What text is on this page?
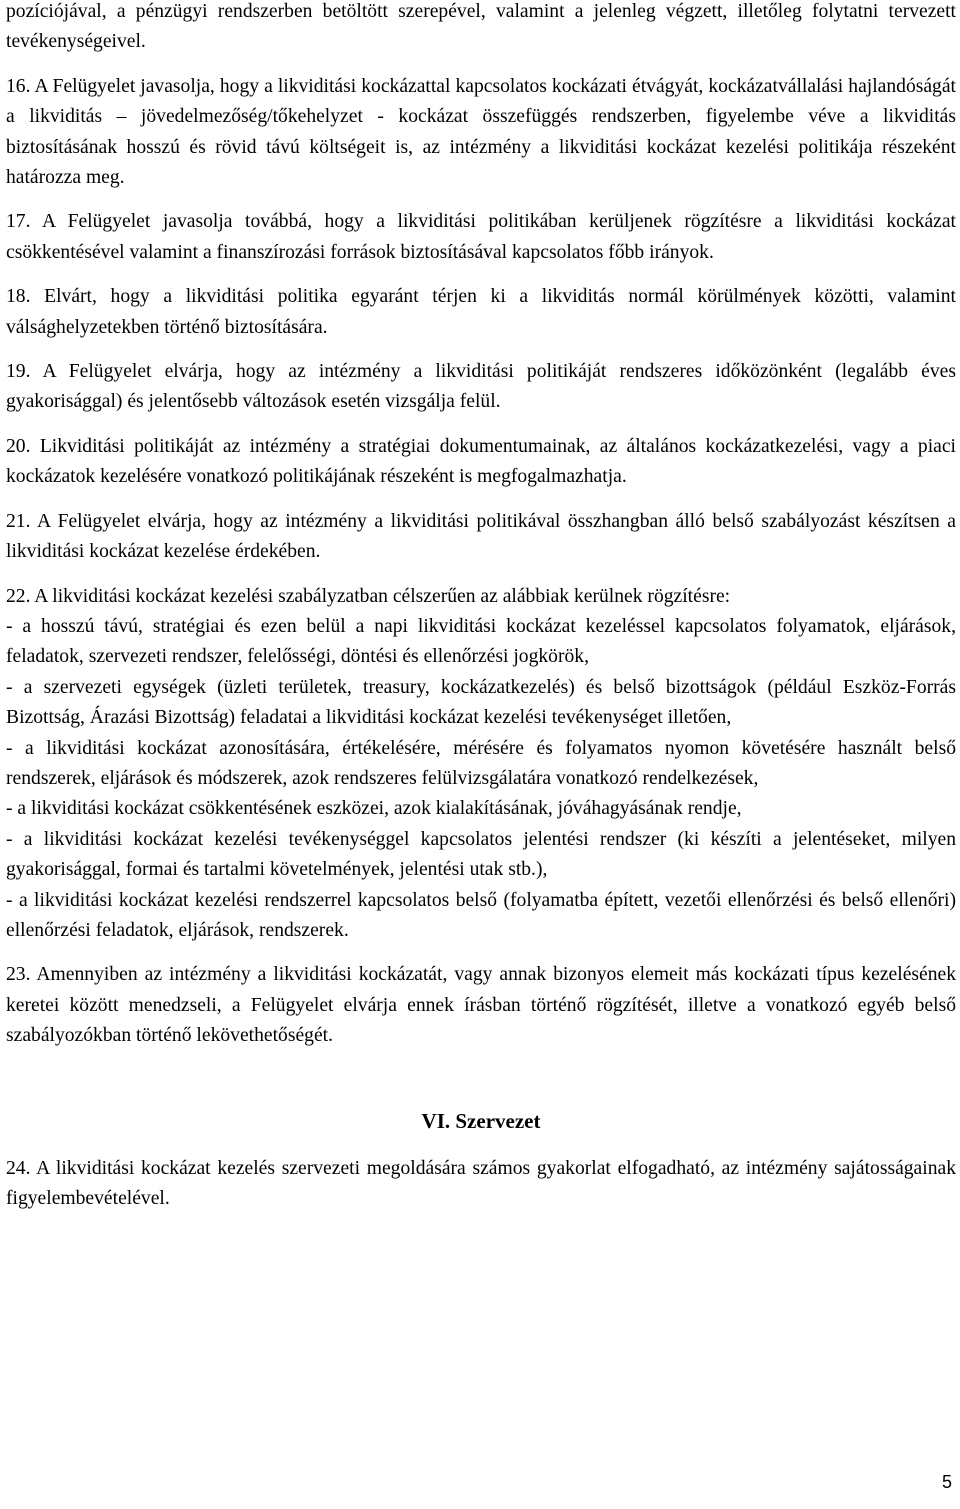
pozíciójával, a pénzügyi rendszerben betöltött szerepével, valamint a jelenleg végzett, illetőleg folytatni tervezett tevékenységeivel.

16. A Felügyelet javasolja, hogy a likviditási kockázattal kapcsolatos kockázati étvágyát, kockázatvállalási hajlandóságát a likviditás – jövedelmezőség/tőkehelyzet - kockázat összefüggés rendszerben, figyelembe véve a likviditás biztosításának hosszú és rövid távú költségeit is, az intézmény a likviditási kockázat kezelési politikája részeként határozza meg.

17. A Felügyelet javasolja továbbá, hogy a likviditási politikában kerüljenek rögzítésre a likviditási kockázat csökkentésével valamint a finanszírozási források biztosításával kapcsolatos főbb irányok.

18. Elvárt, hogy a likviditási politika egyaránt térjen ki a likviditás normál körülmények közötti, valamint válsághelyzetekben történő biztosítására.

19. A Felügyelet elvárja, hogy az intézmény a likviditási politikáját rendszeres időközönként (legalább éves gyakorisággal) és jelentősebb változások esetén vizsgálja felül.

20. Likviditási politikáját az intézmény a stratégiai dokumentumainak, az általános kockázatkezelési, vagy a piaci kockázatok kezelésére vonatkozó politikájának részeként is megfogalmazhatja.

21. A Felügyelet elvárja, hogy az intézmény a likviditási politikával összhangban álló belső szabályozást készítsen a likviditási kockázat kezelése érdekében.

22. A likviditási kockázat kezelési szabályzatban célszerűen az alábbiak kerülnek rögzítésre:

- a hosszú távú, stratégiai és ezen belül a napi likviditási kockázat kezeléssel kapcsolatos folyamatok, eljárások, feladatok, szervezeti rendszer, felelősségi, döntési és ellenőrzési jogkörök,
- a szervezeti egységek (üzleti területek, treasury, kockázatkezelés) és belső bizottságok (például Eszköz-Forrás Bizottság, Árazási Bizottság) feladatai a likviditási kockázat kezelési tevékenységet illetően,
- a likviditási kockázat azonosítására, értékelésére, mérésére és folyamatos nyomon követésére használt belső rendszerek, eljárások és módszerek, azok rendszeres felülvizsgálatára vonatkozó rendelkezések,
- a likviditási kockázat csökkentésének eszközei, azok kialakításának, jóváhagyásának rendje,
- a likviditási kockázat kezelési tevékenységgel kapcsolatos jelentési rendszer (ki készíti a jelentéseket, milyen gyakorisággal, formai és tartalmi követelmények, jelentési utak stb.),
- a likviditási kockázat kezelési rendszerrel kapcsolatos belső (folyamatba épített, vezetői ellenőrzési és belső ellenőri) ellenőrzési feladatok, eljárások, rendszerek.

23. Amennyiben az intézmény a likviditási kockázatát, vagy annak bizonyos elemeit más kockázati típus kezelésének keretei között menedzseli, a Felügyelet elvárja ennek írásban történő rögzítését, illetve a vonatkozó egyéb belső szabályozókban történő lekövethetőségét.

VI. Szervezet

24. A likviditási kockázat kezelés szervezeti megoldására számos gyakorlat elfogadható, az intézmény sajátosságainak figyelembevételével.

5
